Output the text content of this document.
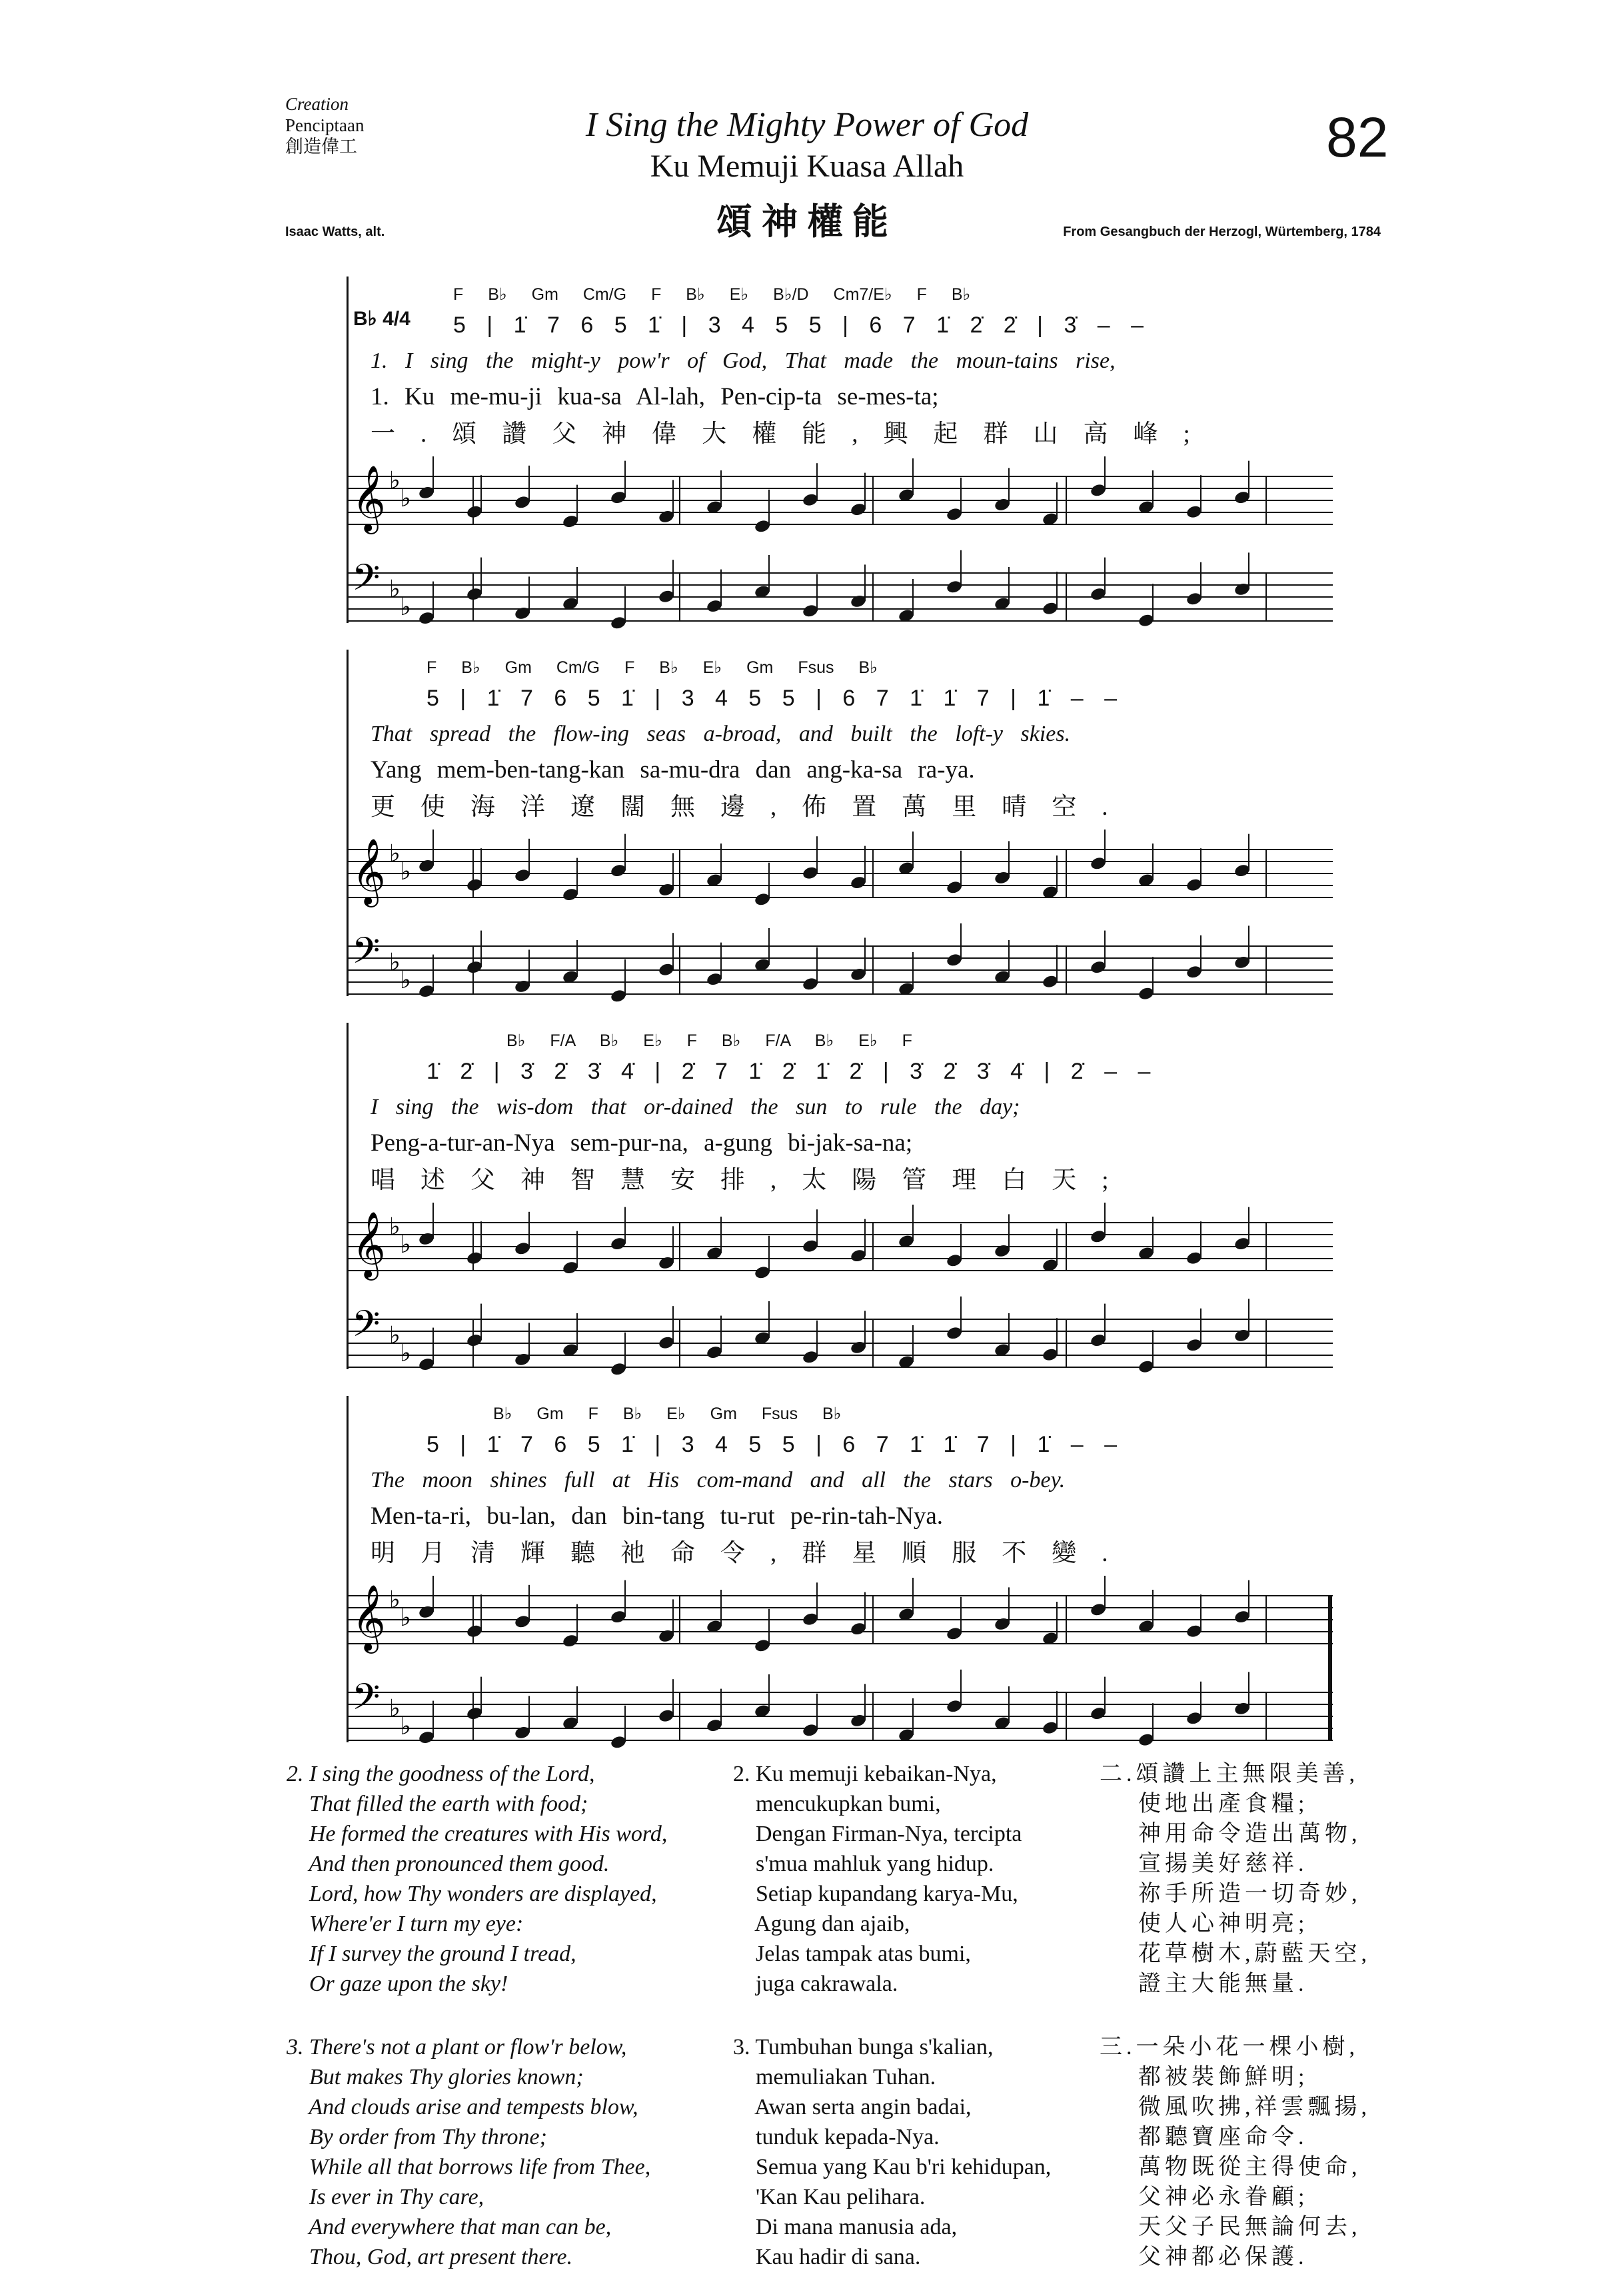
Creation
Penciptaan
創造偉工
I Sing the Mighty Power of God
Ku Memuji Kuasa Allah
頌神權能
82
Isaac Watts, alt.	From Gesangbuch der Herzogl, Würtemberg, 1784
B♭ 4/4
F B♭ Gm Cm/G F B♭ E♭ B♭/D Cm7/E♭ F B♭
5 | 1̇ 7 6 5 1̇ | 3 4 5 5 | 6 7 1̇ 2̇ 2̇ | 3̇ – –
1. I sing the might-y pow'r of God, That made the moun-tains rise,
1. Ku me-mu-ji kua-sa Al-lah, Pen-cip-ta se-mes-ta;
一.頌讚父神偉大權能,興起群山高峰;
𝄞 ♭
♭
𝄢 ♭
♭
F B♭ Gm Cm/G F B♭ E♭ Gm Fsus B♭
5 | 1̇ 7 6 5 1̇ | 3 4 5 5 | 6 7 1̇ 1̇ 7 | 1̇ – –
That spread the flow-ing seas a-broad, and built the loft-y skies.
Yang mem-ben-tang-kan sa-mu-dra dan ang-ka-sa ra-ya.
更使海洋遼闊無邊,佈置萬里晴空.
𝄞 ♭
♭
𝄢 ♭
♭
B♭ F/A B♭ E♭ F B♭ F/A B♭ E♭ F
1̇ 2̇ | 3̇ 2̇ 3̇ 4̇ | 2̇ 7 1̇ 2̇ 1̇ 2̇ | 3̇ 2̇ 3̇ 4̇ | 2̇ – –
I sing the wis-dom that or-dained the sun to rule the day;
Peng-a-tur-an-Nya sem-pur-na, a-gung bi-jak-sa-na;
唱述父神智慧安排,太陽管理白天;
𝄞 ♭
♭
𝄢 ♭
♭
B♭ Gm F B♭ E♭ Gm Fsus B♭
5 | 1̇ 7 6 5 1̇ | 3 4 5 5 | 6 7 1̇ 1̇ 7 | 1̇ – –
The moon shines full at His com-mand and all the stars o-bey.
Men-ta-ri, bu-lan, dan bin-tang tu-rut pe-rin-tah-Nya.
明月清輝聽祂命令,群星順服不變.
𝄞 ♭
♭
𝄢 ♭
♭
2. I sing the goodness of the Lord,
That filled the earth with food;
He formed the creatures with His word,
And then pronounced them good.
Lord, how Thy wonders are displayed,
Where'er I turn my eye:
If I survey the ground I tread,
Or gaze upon the sky!
2. Ku memuji kebaikan-Nya,
mencukupkan bumi,
Dengan Firman-Nya, tercipta
s'mua mahluk yang hidup.
Setiap kupandang karya-Mu,
Agung dan ajaib,
Jelas tampak atas bumi,
juga cakrawala.
二.頌讚上主無限美善,
使地出產食糧;
神用命令造出萬物,
宣揚美好慈祥.
祢手所造一切奇妙,
使人心神明亮;
花草樹木,蔚藍天空,
證主大能無量.
3. There's not a plant or flow'r below,
But makes Thy glories known;
And clouds arise and tempests blow,
By order from Thy throne;
While all that borrows life from Thee,
Is ever in Thy care,
And everywhere that man can be,
Thou, God, art present there.
3. Tumbuhan bunga s'kalian,
memuliakan Tuhan.
Awan serta angin badai,
tunduk kepada-Nya.
Semua yang Kau b'ri kehidupan,
'Kan Kau pelihara.
Di mana manusia ada,
Kau hadir di sana.
三.一朵小花一棵小樹,
都被裝飾鮮明;
微風吹拂,祥雲飄揚,
都聽寶座命令.
萬物既從主得使命,
父神必永眷顧;
天父子民無論何去,
父神都必保護.
